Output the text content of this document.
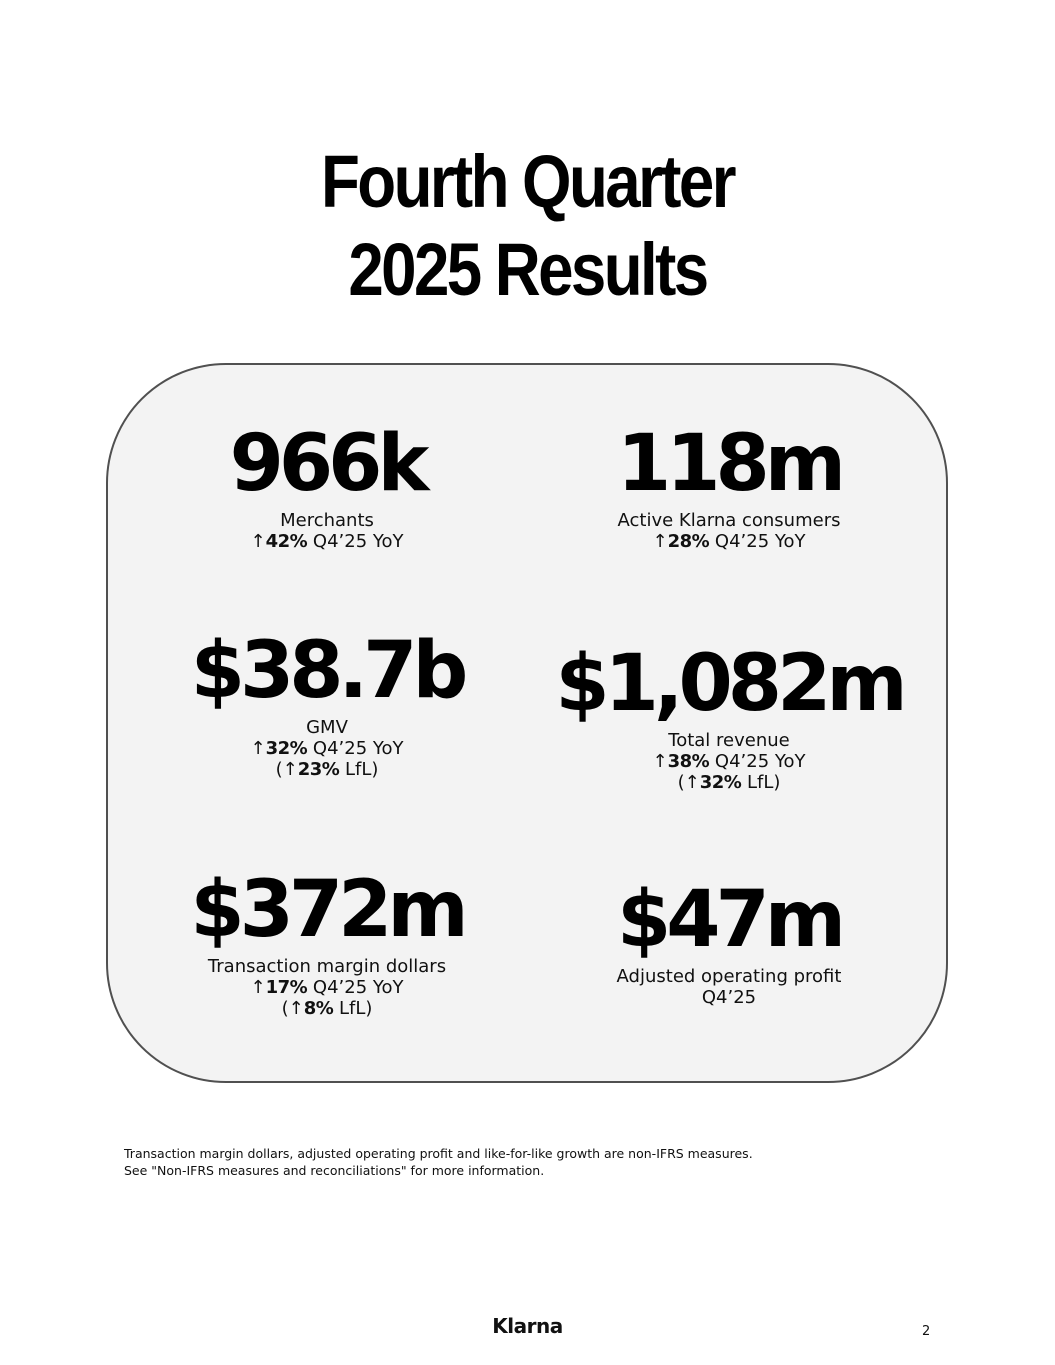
Fourth Quarter
2025 Results
966k
Merchants
↑42% Q4’25 YoY
118m
Active Klarna consumers
↑28% Q4’25 YoY
$38.7b
GMV
↑32% Q4’25 YoY
(↑23% LfL)
$1,082m
Total revenue
↑38% Q4’25 YoY
(↑32% LfL)
$372m
Transaction margin dollars
↑17% Q4’25 YoY
(↑8% LfL)
$47m
Adjusted operating profit
Q4’25
Transaction margin dollars, adjusted operating profit and like-for-like growth are non-IFRS measures.
See "Non-IFRS measures and reconciliations" for more information.
Klarna	2
